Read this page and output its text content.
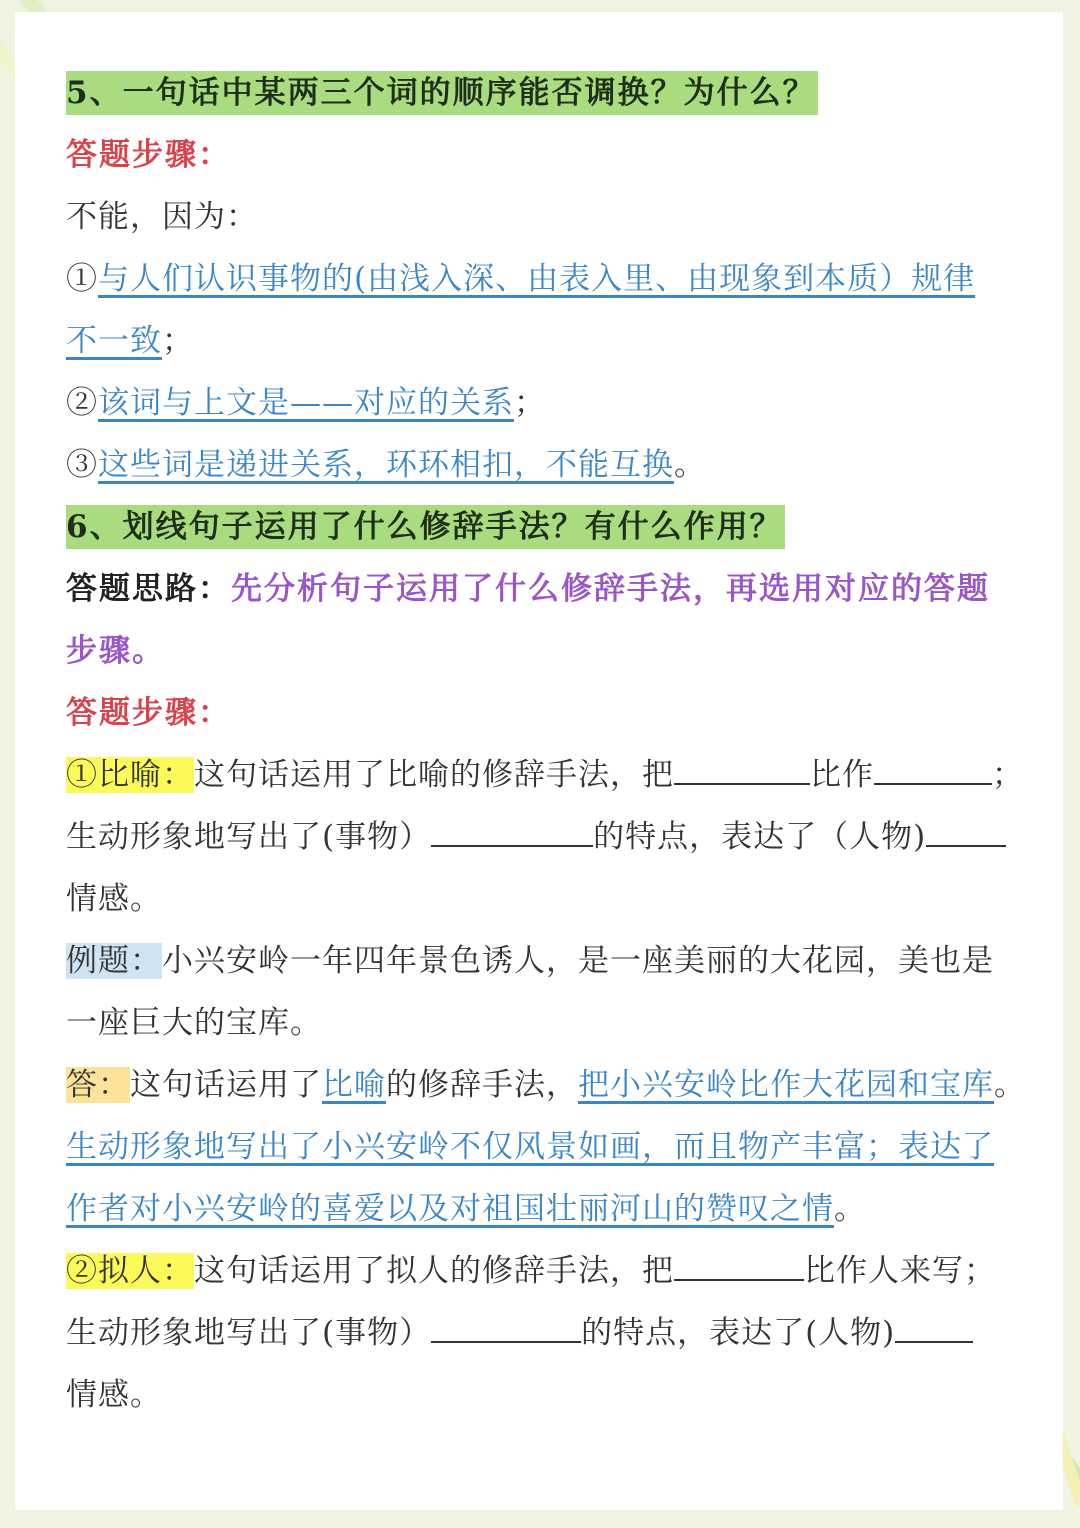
5、一句话中某两三个词的顺序能否调换？为什么？
答题步骤：
不能，因为：
①与人们认识事物的(由浅入深、由表入里、由现象到本质）规律
不一致；
②该词与上文是——对应的关系；
③这些词是递进关系，环环相扣，不能互换。
6、划线句子运用了什么修辞手法？有什么作用？
答题思路：先分析句子运用了什么修辞手法，再选用对应的答题
步骤。
答题步骤：
①比喻：这句话运用了比喻的修辞手法，把	比作	；
生动形象地写出了(事物）	的特点，表达了（人物)
情感。
例题：小兴安岭一年四年景色诱人，是一座美丽的大花园，美也是
一座巨大的宝库。
答：这句话运用了比喻的修辞手法，把小兴安岭比作大花园和宝库。
生动形象地写出了小兴安岭不仅风景如画，而且物产丰富；表达了
作者对小兴安岭的喜爱以及对祖国壮丽河山的赞叹之情。
②拟人：这句话运用了拟人的修辞手法，把	比作人来写；
生动形象地写出了(事物）	的特点，表达了(人物)
情感。
